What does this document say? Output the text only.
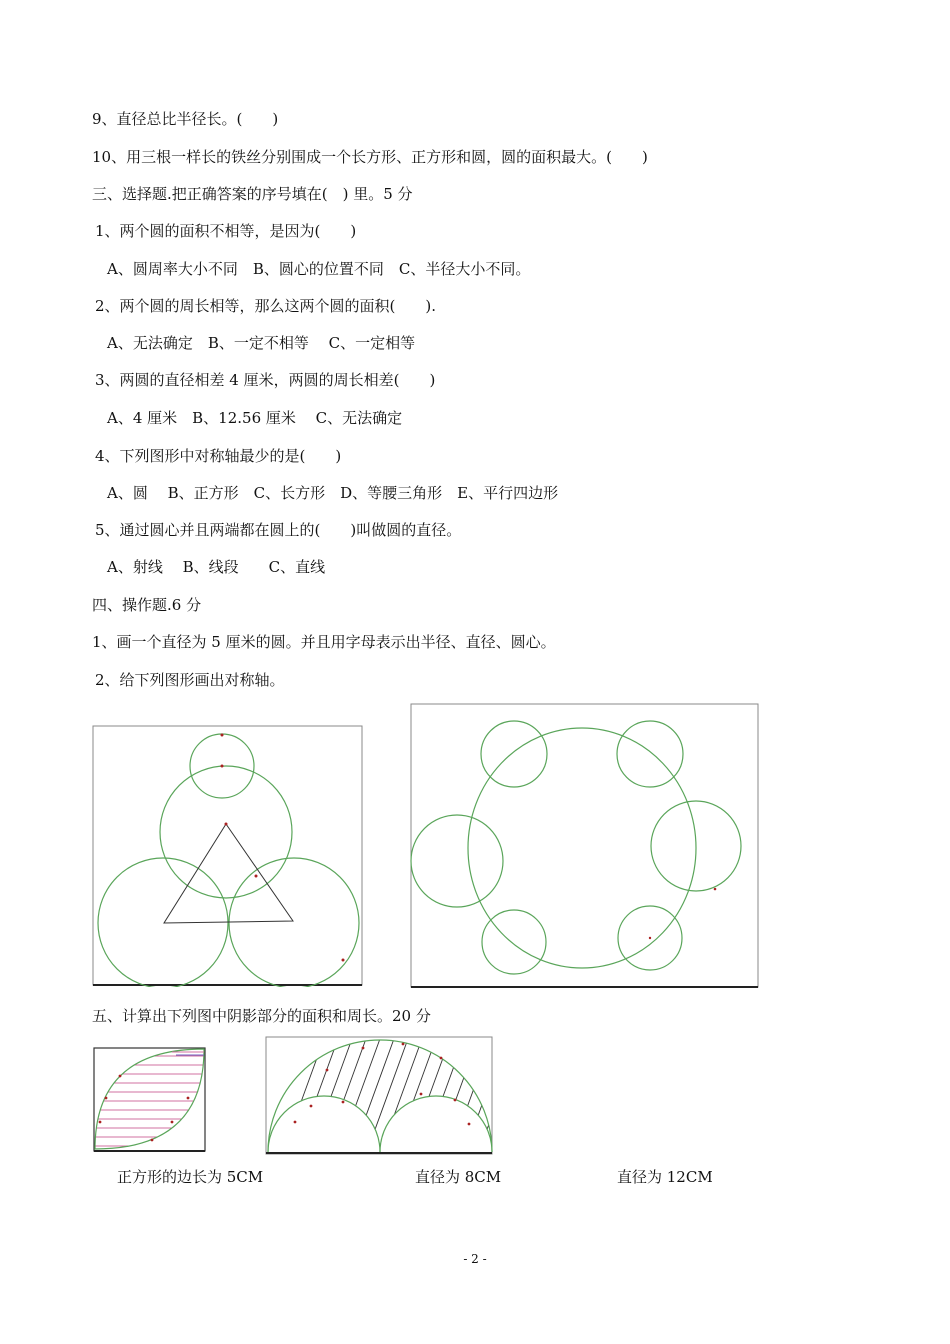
9、直径总比半径长。(　　)
10、用三根一样长的铁丝分别围成一个长方形、正方形和圆，圆的面积最大。(　　)
三、选择题.把正确答案的序号填在(　) 里。5 分
1、两个圆的面积不相等，是因为(　　)
A、圆周率大小不同　B、圆心的位置不同　C、半径大小不同。
2、两个圆的周长相等，那么这两个圆的面积(　　).
A、无法确定　B、一定不相等　 C、一定相等
3、两圆的直径相差 4 厘米，两圆的周长相差(　　)
A、4 厘米　B、12.56 厘米　 C、无法确定
4、下列图形中对称轴最少的是(　　)
A、圆　 B、正方形　C、长方形　D、等腰三角形　E、平行四边形
5、通过圆心并且两端都在圆上的(　　)叫做圆的直径。
A、射线　 B、线段　　C、直线
四、操作题.6 分
1、画一个直径为 5 厘米的圆。并且用字母表示出半径、直径、圆心。
2、给下列图形画出对称轴。
五、计算出下列图中阴影部分的面积和周长。20 分
正方形的边长为 5CM	直径为 8CM	直径为 12CM
- 2 -
